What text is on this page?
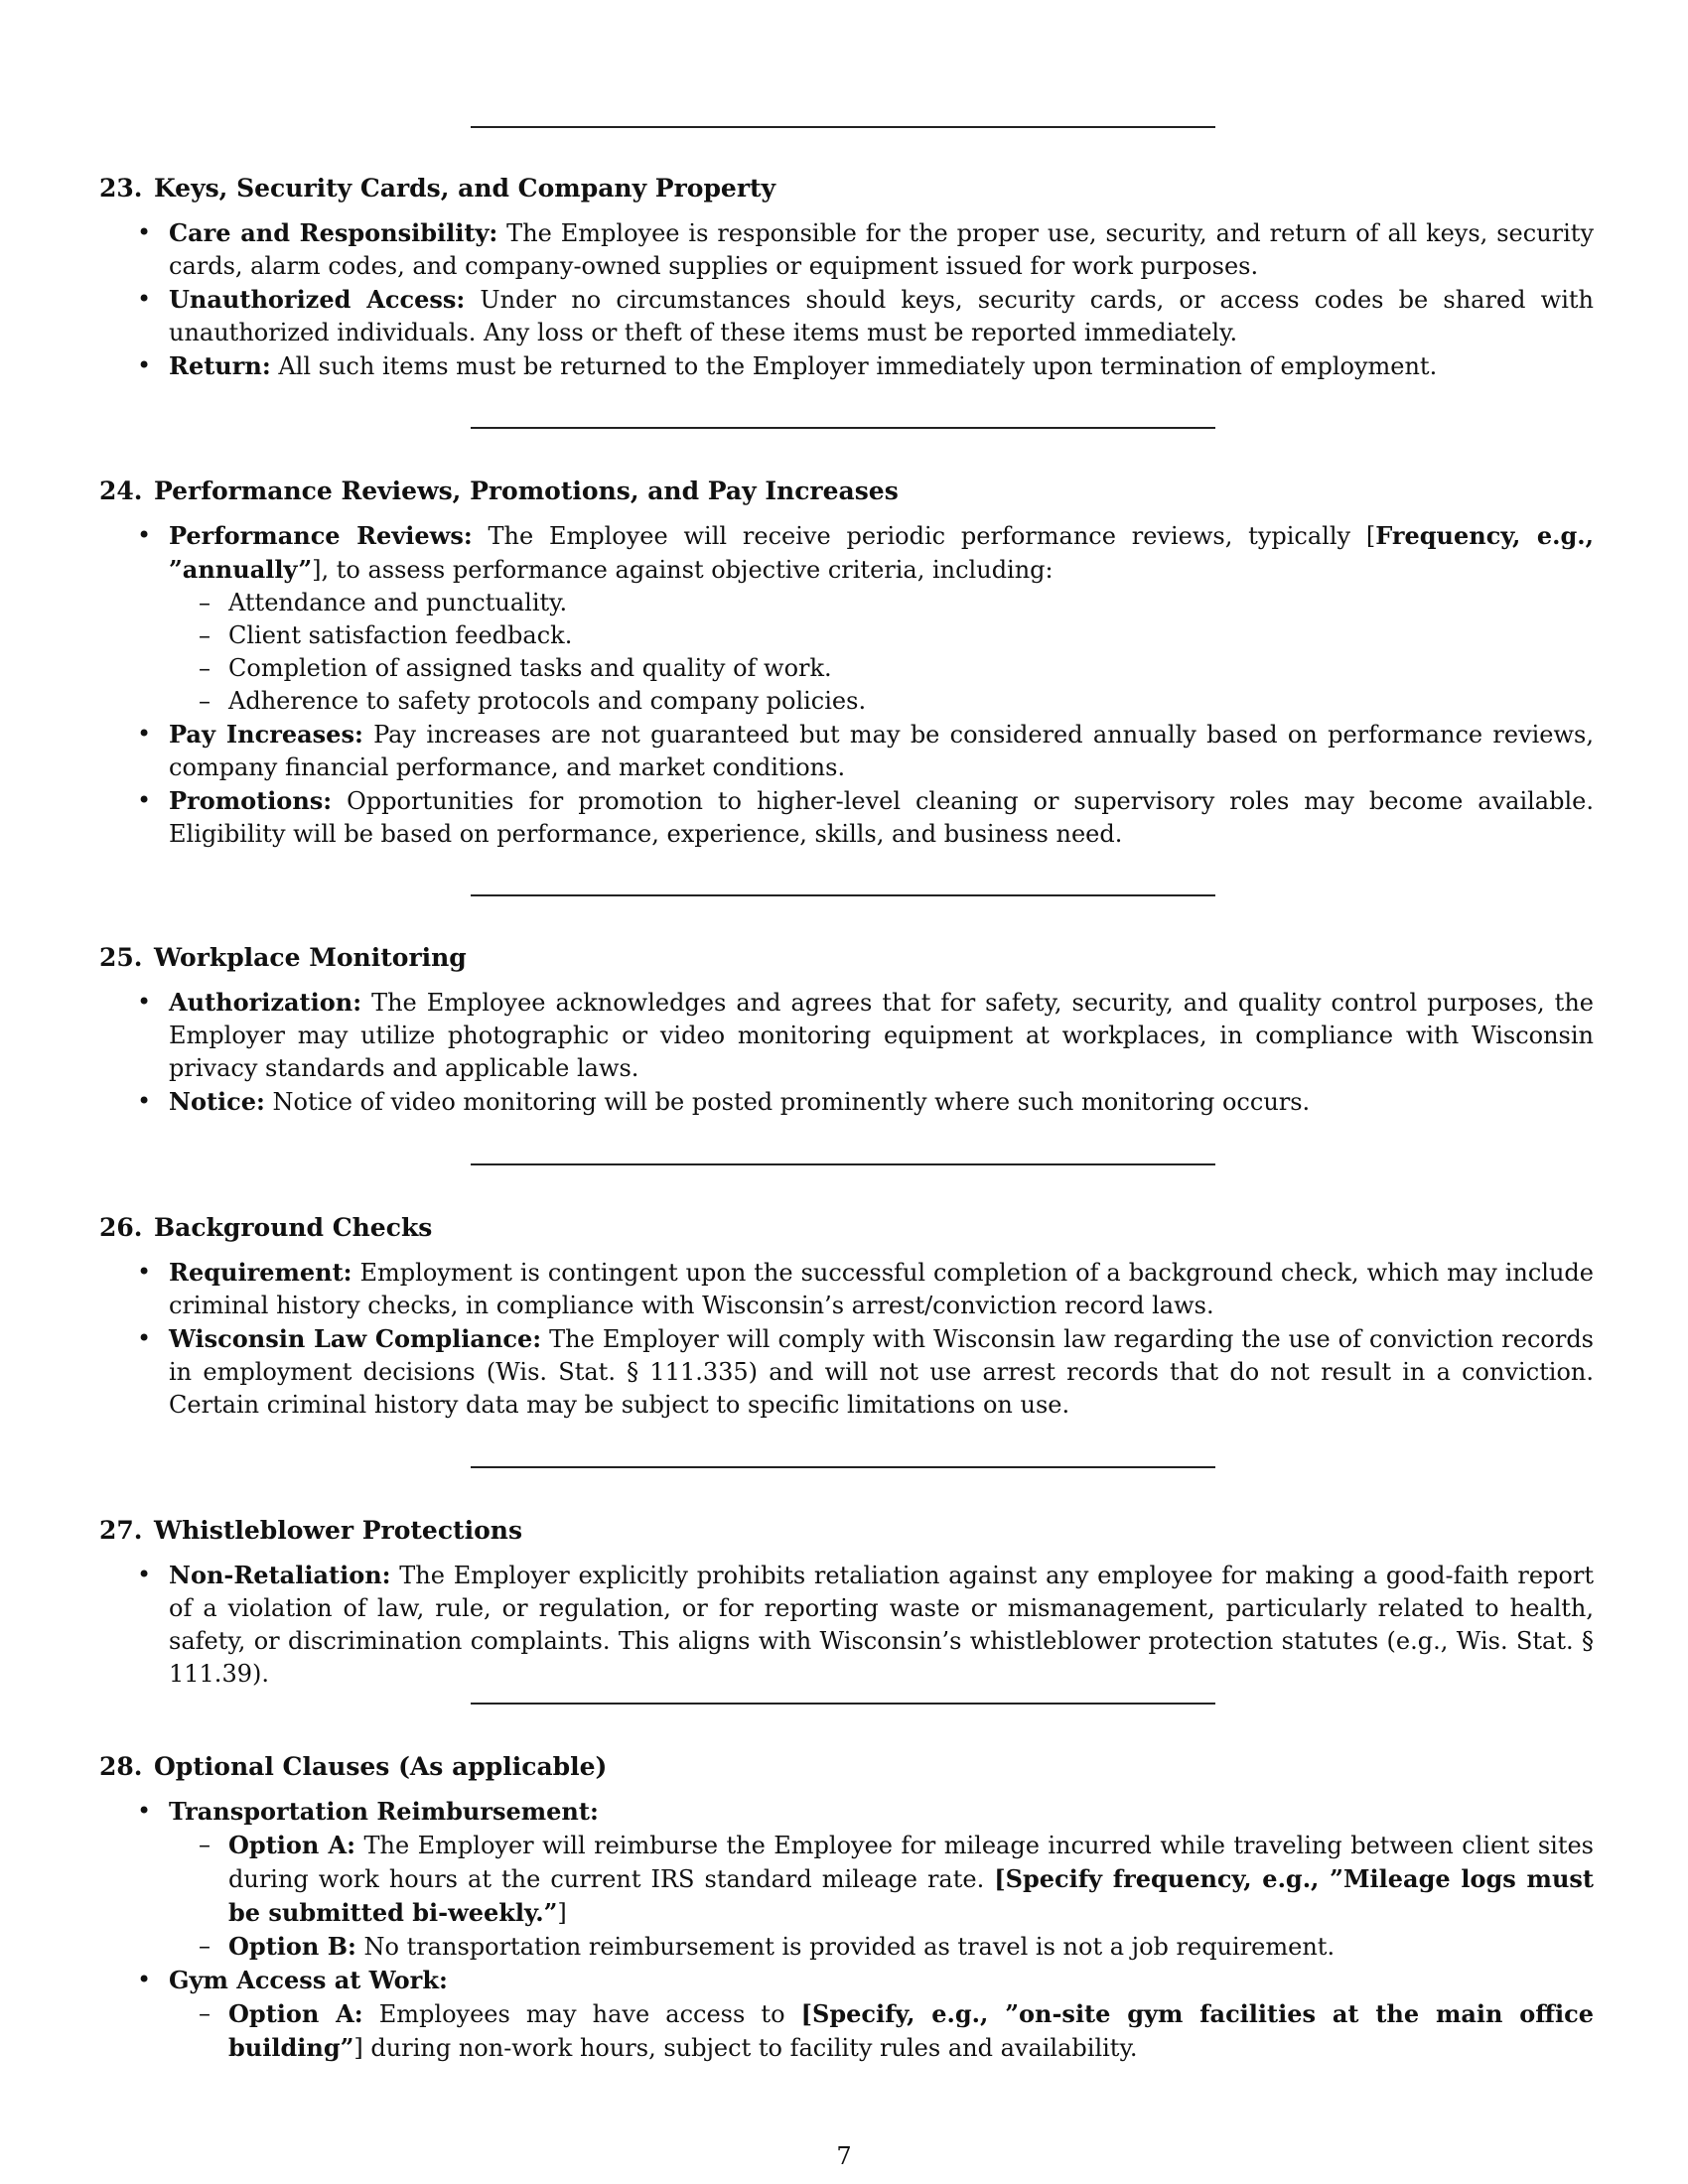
23. Keys, Security Cards, and Company Property
• Care and Responsibility: The Employee is responsible for the proper use, security, and return of all keys, security cards, alarm codes, and company-owned supplies or equipment issued for work purposes.
• Unauthorized Access: Under no circumstances should keys, security cards, or access codes be shared with unauthorized individuals. Any loss or theft of these items must be reported immediately.
• Return: All such items must be returned to the Employer immediately upon termination of employment.
24. Performance Reviews, Promotions, and Pay Increases
• Performance Reviews: The Employee will receive periodic performance reviews, typically [Frequency, e.g., ”annually”], to assess performance against objective criteria, including:
– Attendance and punctuality.
– Client satisfaction feedback.
– Completion of assigned tasks and quality of work.
– Adherence to safety protocols and company policies.
• Pay Increases: Pay increases are not guaranteed but may be considered annually based on performance reviews, company financial performance, and market conditions.
• Promotions: Opportunities for promotion to higher-level cleaning or supervisory roles may become available. Eligibility will be based on performance, experience, skills, and business need.
25. Workplace Monitoring
• Authorization: The Employee acknowledges and agrees that for safety, security, and quality control purposes, the Employer may utilize photographic or video monitoring equipment at workplaces, in compliance with Wisconsin privacy standards and applicable laws.
• Notice: Notice of video monitoring will be posted prominently where such monitoring occurs.
26. Background Checks
• Requirement: Employment is contingent upon the successful completion of a background check, which may include criminal history checks, in compliance with Wisconsin’s arrest/conviction record laws.
• Wisconsin Law Compliance: The Employer will comply with Wisconsin law regarding the use of conviction records in employment decisions (Wis. Stat. § 111.335) and will not use arrest records that do not result in a conviction. Certain criminal history data may be subject to specific limitations on use.
27. Whistleblower Protections
• Non-Retaliation: The Employer explicitly prohibits retaliation against any employee for making a good-faith report of a violation of law, rule, or regulation, or for reporting waste or mismanagement, particularly related to health, safety, or discrimination complaints. This aligns with Wisconsin’s whistleblower protection statutes (e.g., Wis. Stat. § 111.39).
28. Optional Clauses (As applicable)
• Transportation Reimbursement:
– Option A: The Employer will reimburse the Employee for mileage incurred while traveling between client sites during work hours at the current IRS standard mileage rate. [Specify frequency, e.g., ”Mileage logs must be submitted bi-weekly.”]
– Option B: No transportation reimbursement is provided as travel is not a job requirement.
• Gym Access at Work:
– Option A: Employees may have access to [Specify, e.g., ”on-site gym facilities at the main office building”] during non-work hours, subject to facility rules and availability.
7
